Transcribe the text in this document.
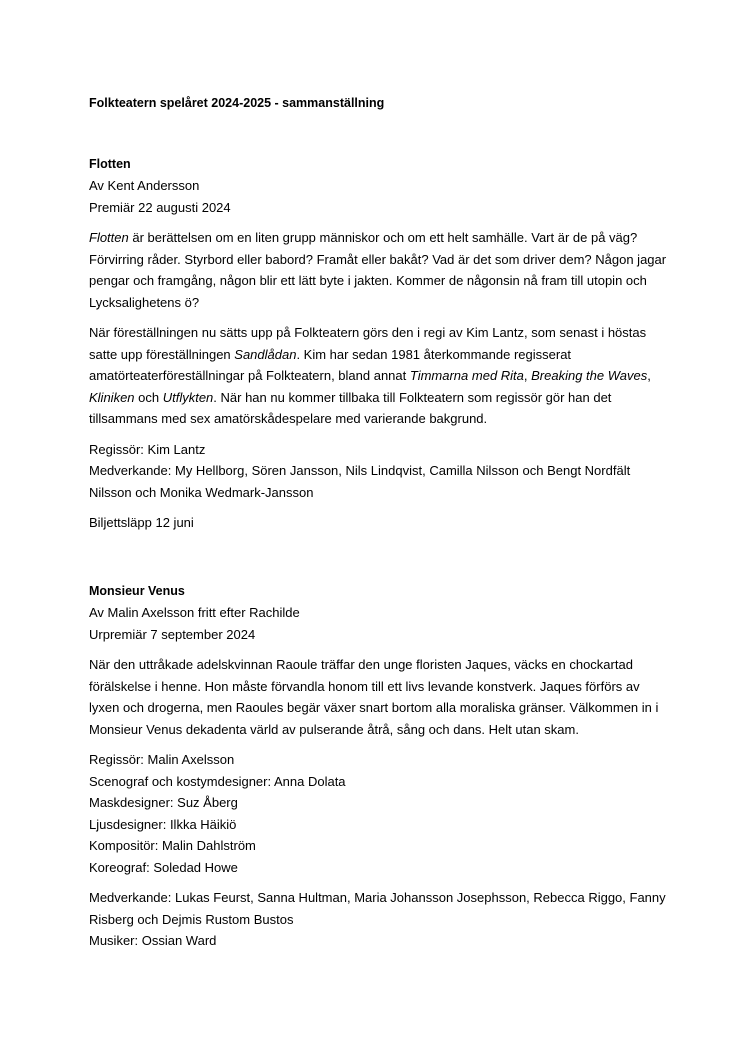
Folkteatern spelåret 2024-2025 - sammanställning

Flotten

Av Kent Andersson

Premiär 22 augusti 2024

Flotten är berättelsen om en liten grupp människor och om ett helt samhälle. Vart är de på väg? Förvirring råder. Styrbord eller babord? Framåt eller bakåt? Vad är det som driver dem? Någon jagar pengar och framgång, någon blir ett lätt byte i jakten. Kommer de någonsin nå fram till utopin och Lycksalighetens ö?

När föreställningen nu sätts upp på Folkteatern görs den i regi av Kim Lantz, som senast i höstas satte upp föreställningen Sandlådan. Kim har sedan 1981 återkommande regisserat amatörteaterföreställningar på Folkteatern, bland annat Timmarna med Rita, Breaking the Waves, Kliniken och Utflykten. När han nu kommer tillbaka till Folkteatern som regissör gör han det tillsammans med sex amatörskådespelare med varierande bakgrund.

Regissör: Kim Lantz

Medverkande: My Hellborg, Sören Jansson, Nils Lindqvist, Camilla Nilsson och Bengt Nordfält Nilsson och Monika Wedmark-Jansson

Biljettsläpp 12 juni

Monsieur Venus

Av Malin Axelsson fritt efter Rachilde

Urpremiär 7 september 2024

När den uttråkade adelskvinnan Raoule träffar den unge floristen Jaques, väcks en chockartad förälskelse i henne. Hon måste förvandla honom till ett livs levande konstverk. Jaques förförs av lyxen och drogerna, men Raoules begär växer snart bortom alla moraliska gränser. Välkommen in i Monsieur Venus dekadenta värld av pulserande åtrå, sång och dans. Helt utan skam.

Regissör: Malin Axelsson

Scenograf och kostymdesigner: Anna Dolata

Maskdesigner: Suz Åberg

Ljusdesigner: Ilkka Häikiö

Kompositör: Malin Dahlström

Koreograf: Soledad Howe

Medverkande: Lukas Feurst, Sanna Hultman, Maria Johansson Josephsson, Rebecca Riggo, Fanny Risberg och Dejmis Rustom Bustos

Musiker: Ossian Ward
